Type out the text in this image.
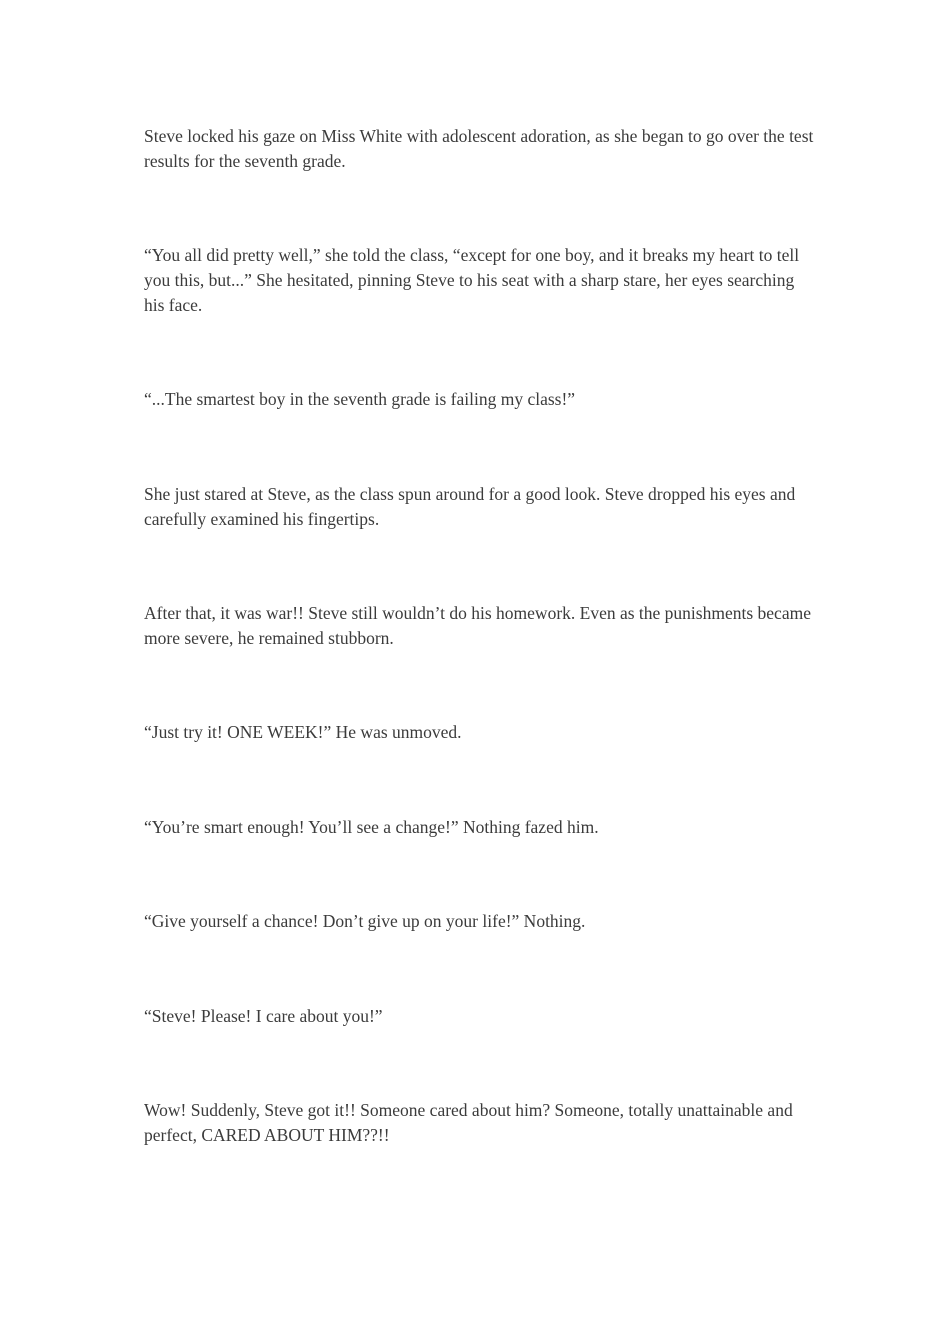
Steve locked his gaze on Miss White with adolescent adoration, as she began to go over the test results for the seventh grade.

“You all did pretty well,” she told the class, “except for one boy, and it breaks my heart to tell you this, but...” She hesitated, pinning Steve to his seat with a sharp stare, her eyes searching his face.

“...The smartest boy in the seventh grade is failing my class!”

She just stared at Steve, as the class spun around for a good look. Steve dropped his eyes and carefully examined his fingertips.

After that, it was war!! Steve still wouldn’t do his homework. Even as the punishments became more severe, he remained stubborn.

“Just try it! ONE WEEK!” He was unmoved.

“You’re smart enough! You’ll see a change!” Nothing fazed him.

“Give yourself a chance! Don’t give up on your life!” Nothing.

“Steve! Please! I care about you!”

Wow! Suddenly, Steve got it!! Someone cared about him? Someone, totally unattainable and perfect, CARED ABOUT HIM??!!
